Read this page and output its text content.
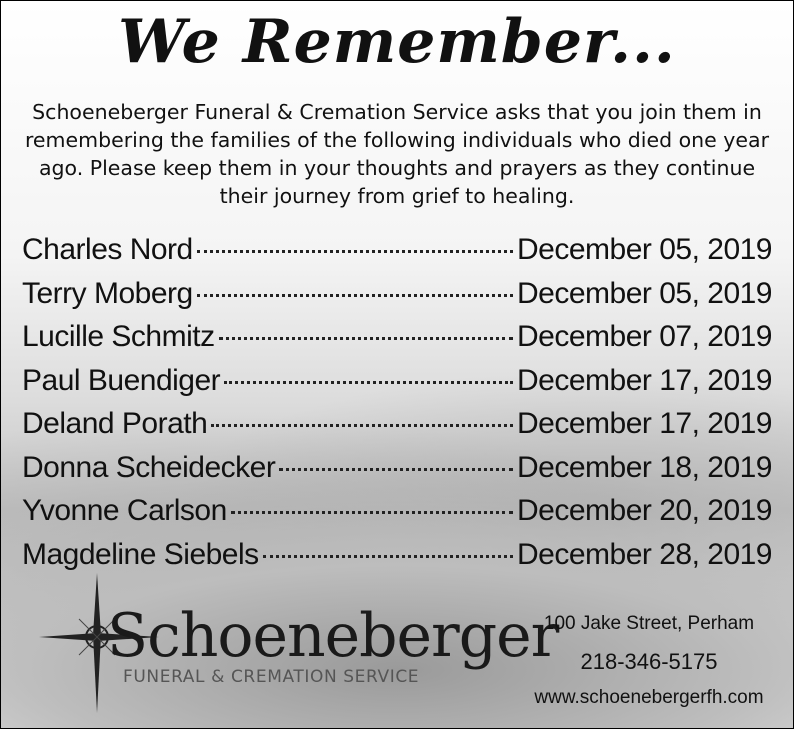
We Remember...
Schoeneberger Funeral & Cremation Service asks that you join them in remembering the families of the following individuals who died one year ago. Please keep them in your thoughts and prayers as they continue their journey from grief to healing.
Charles Nord	December 05, 2019
Terry Moberg	December 05, 2019
Lucille Schmitz	December 07, 2019
Paul Buendiger	December 17, 2019
Deland Porath	December 17, 2019
Donna Scheidecker	December 18, 2019
Yvonne Carlson	December 20, 2019
Magdeline Siebels	December 28, 2019
Schoeneberger
FUNERAL & CREMATION SERVICE
100 Jake Street, Perham
218-346-5175
www.schoenebergerfh.com
